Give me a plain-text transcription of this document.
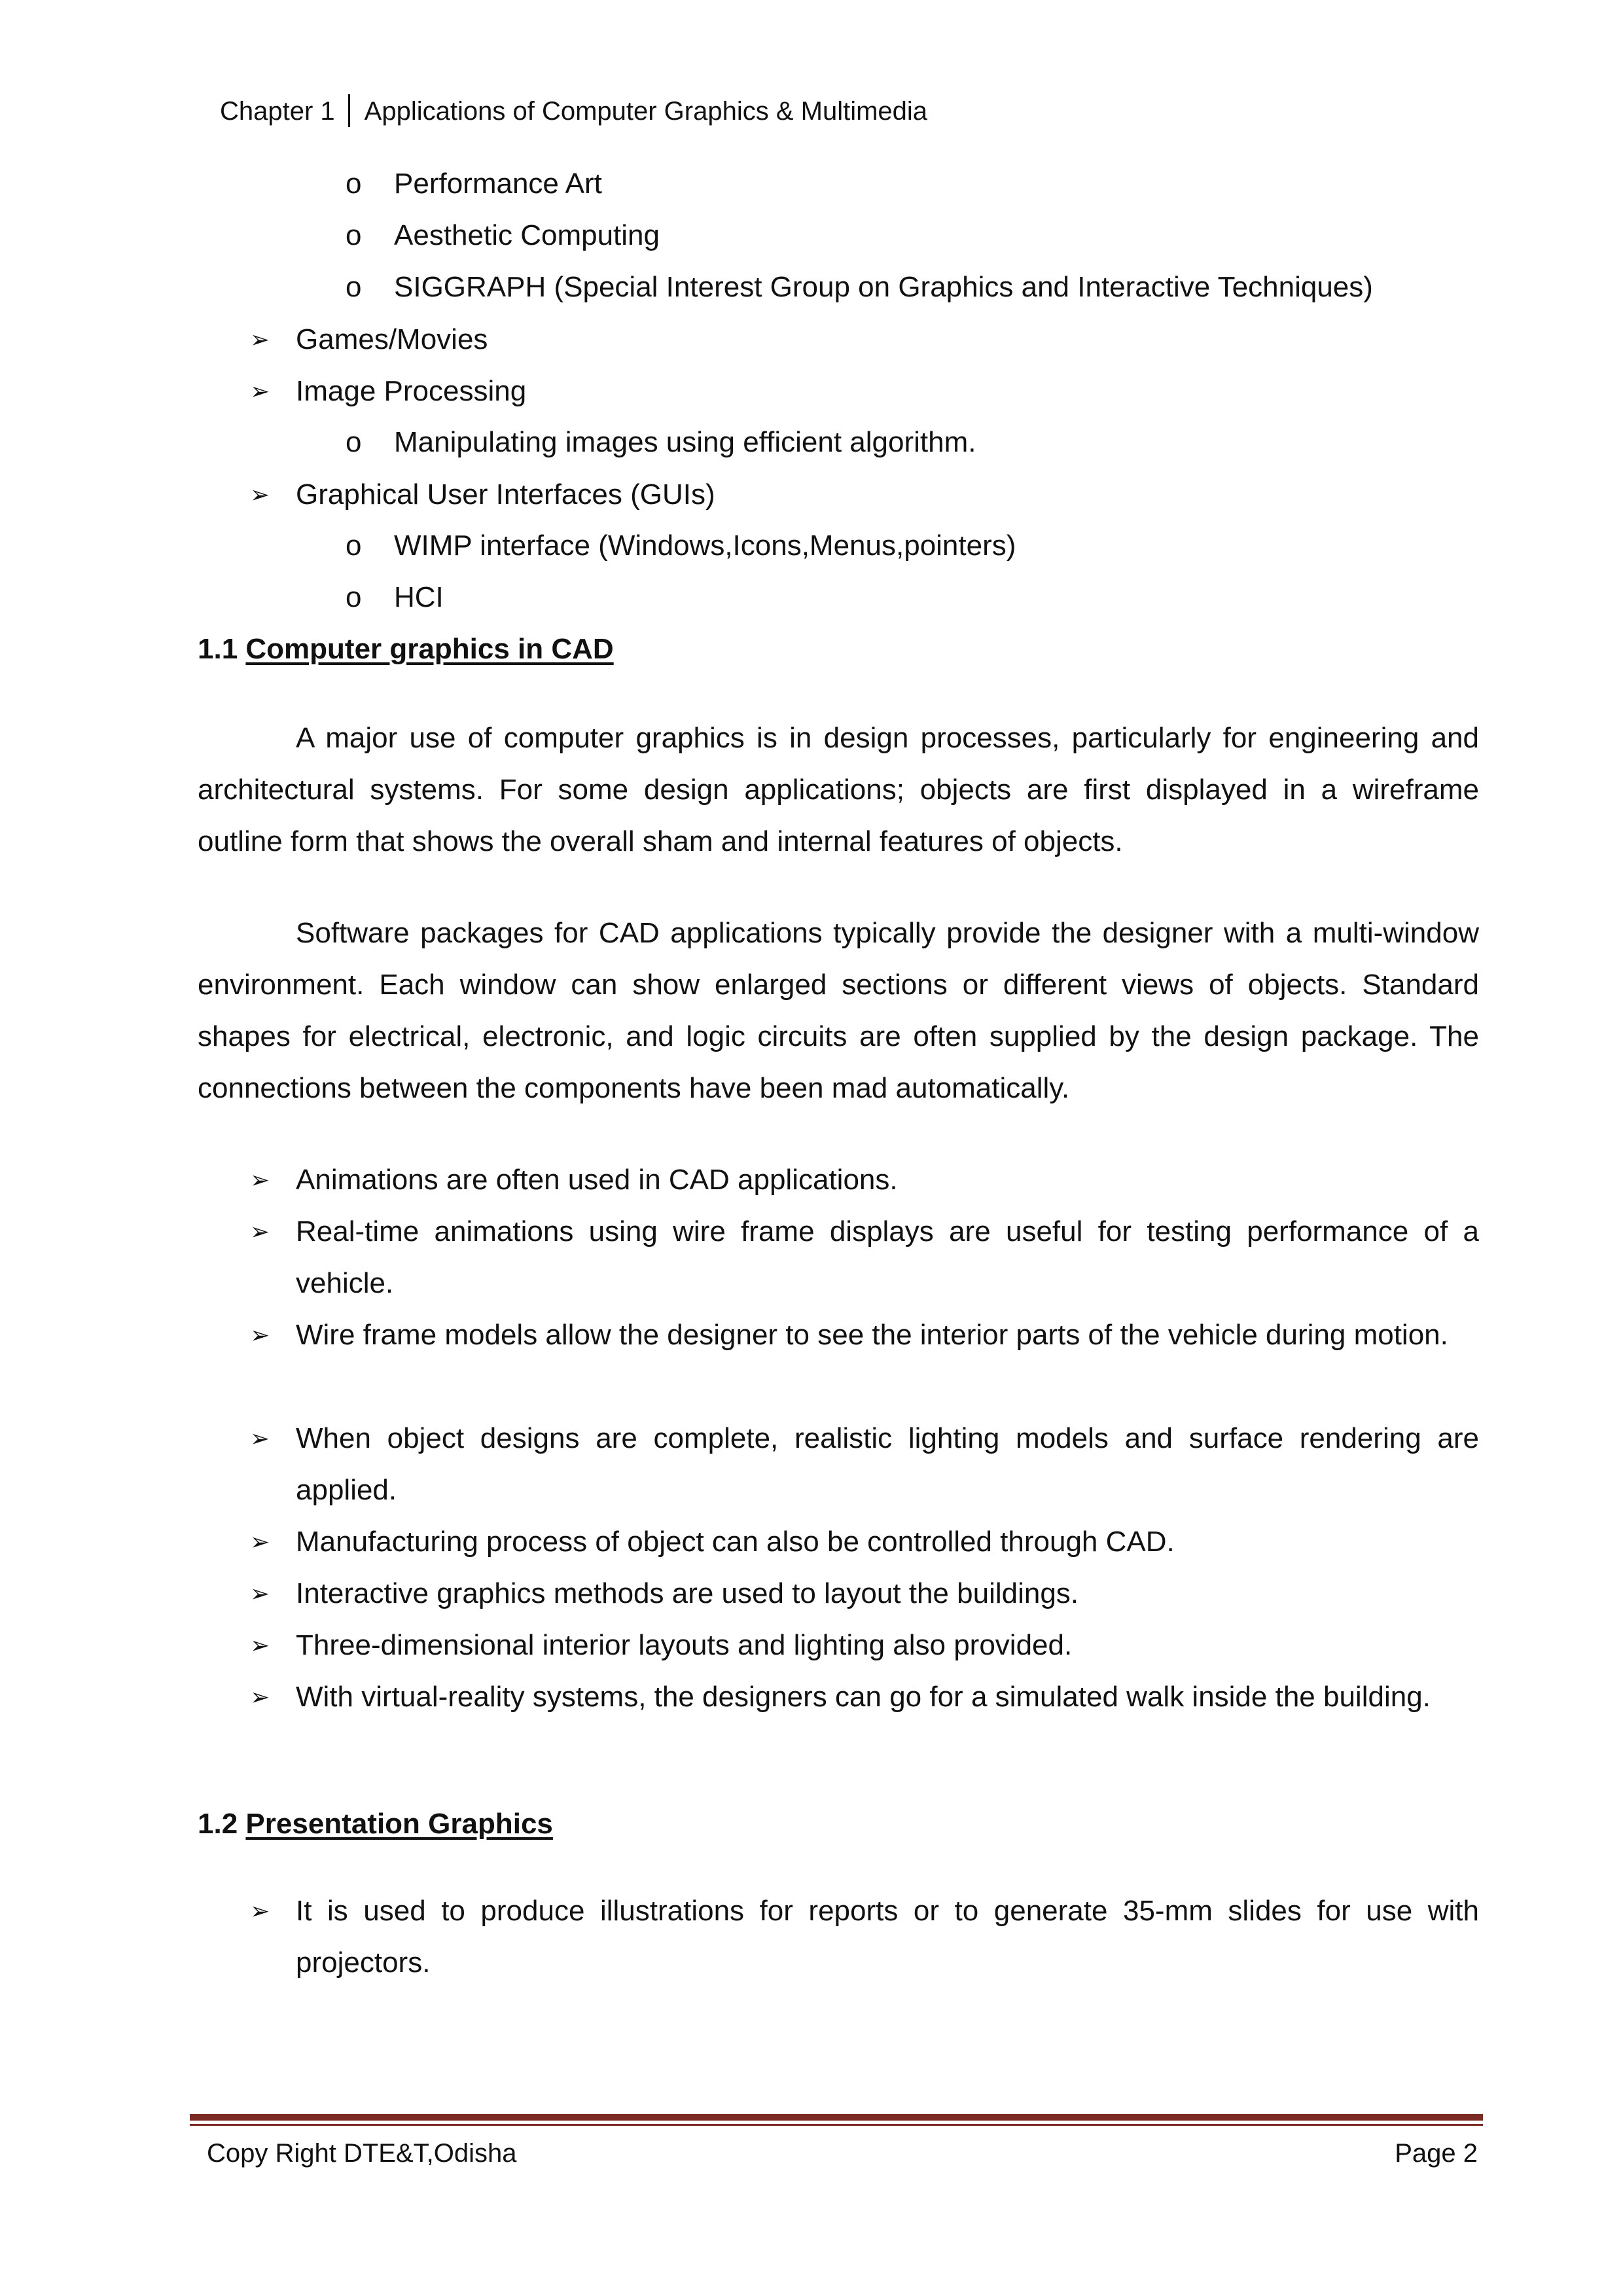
Chapter 1 Applications of Computer Graphics & Multimedia
o	Performance Art
o	Aesthetic Computing
o	SIGGRAPH (Special Interest Group on Graphics and Interactive Techniques)
➢ Games/Movies
➢ Image Processing
o	Manipulating images using efficient algorithm.
➢ Graphical User Interfaces (GUIs)
o	WIMP interface (Windows,Icons,Menus,pointers)
o	HCI
1.1 Computer graphics in CAD

A major use of computer graphics is in design processes, particularly for engineering and architectural systems. For some design applications; objects are first displayed in a wireframe outline form that shows the overall sham and internal features of objects.

Software packages for CAD applications typically provide the designer with a multi-window environment. Each window can show enlarged sections or different views of objects. Standard shapes for electrical, electronic, and logic circuits are often supplied by the design package. The connections between the components have been mad automatically.

➢ Animations are often used in CAD applications.
➢ Real-time animations using wire frame displays are useful for testing performance of a vehicle.
➢ Wire frame models allow the designer to see the interior parts of the vehicle during motion.
➢ When object designs are complete, realistic lighting models and surface rendering are applied.
➢ Manufacturing process of object can also be controlled through CAD.
➢ Interactive graphics methods are used to layout the buildings.
➢ Three-dimensional interior layouts and lighting also provided.
➢ With virtual-reality systems, the designers can go for a simulated walk inside the building.
1.2 Presentation Graphics
➢ It is used to produce illustrations for reports or to generate 35-mm slides for use with projectors.
Copy Right DTE&T,Odisha	Page 2
